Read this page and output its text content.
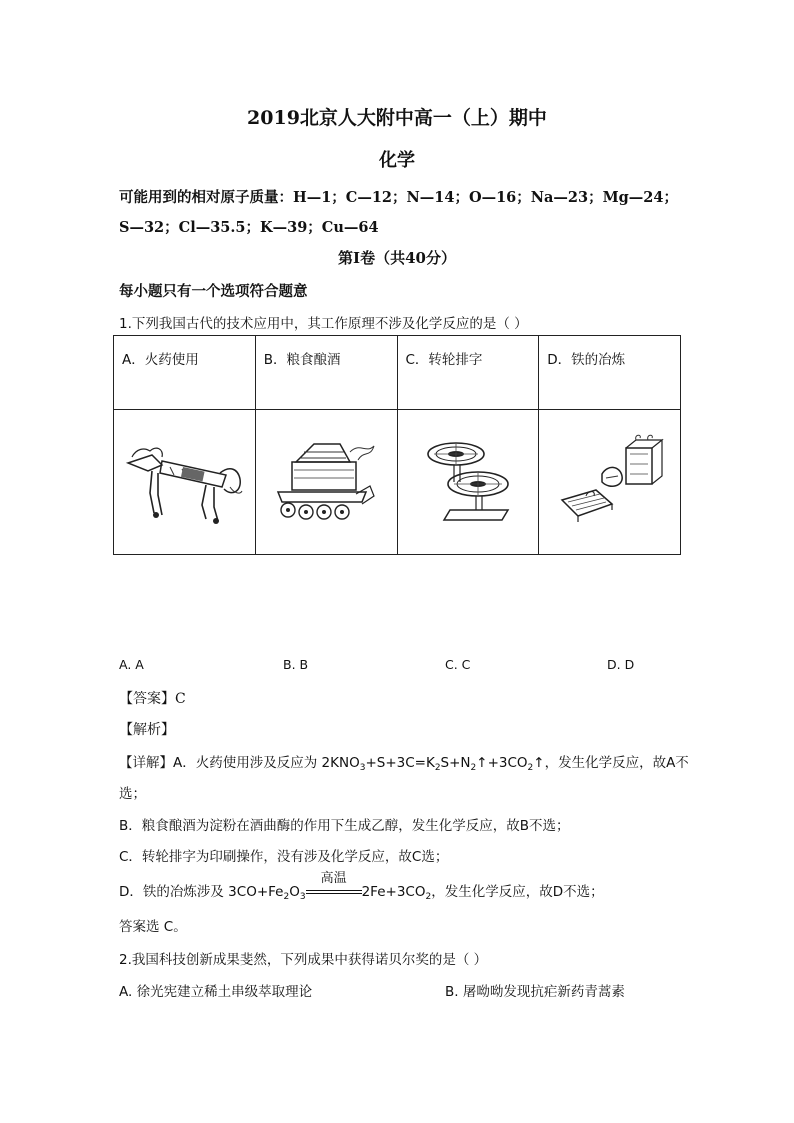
2019北京人大附中高一（上）期中
化学
可能用到的相对原子质量：H—1；C—12；N—14；O—16；Na—23；Mg—24；
S—32；Cl—35.5；K—39；Cu—64
第I卷（共40分）
每小题只有一个选项符合题意
1.下列我国古代的技术应用中，其工作原理不涉及化学反应的是（ ）
A．火药使用	B．粮食酿酒	C．转轮排字	D．铁的冶炼

A. A	B. B	C. C	D. D
【答案】C
【解析】
【详解】A．火药使用涉及反应为 $2KNO_3+S+3C=K_2S+N_2↑+3CO_2↑$，发生化学反应，故A不
选；
B．粮食酿酒为淀粉在酒曲酶的作用下生成乙醇，发生化学反应，故B不选；
C．转轮排字为印刷操作，没有涉及化学反应，故C选；
D．铁的冶炼涉及 $3CO+Fe_2O_3$
高温
$2Fe+3CO_2$，发生化学反应，故D不选；
答案选 C。
2.我国科技创新成果斐然，下列成果中获得诺贝尔奖的是（ ）
A. 徐光宪建立稀土串级萃取理论	B. 屠呦呦发现抗疟新药青蒿素
